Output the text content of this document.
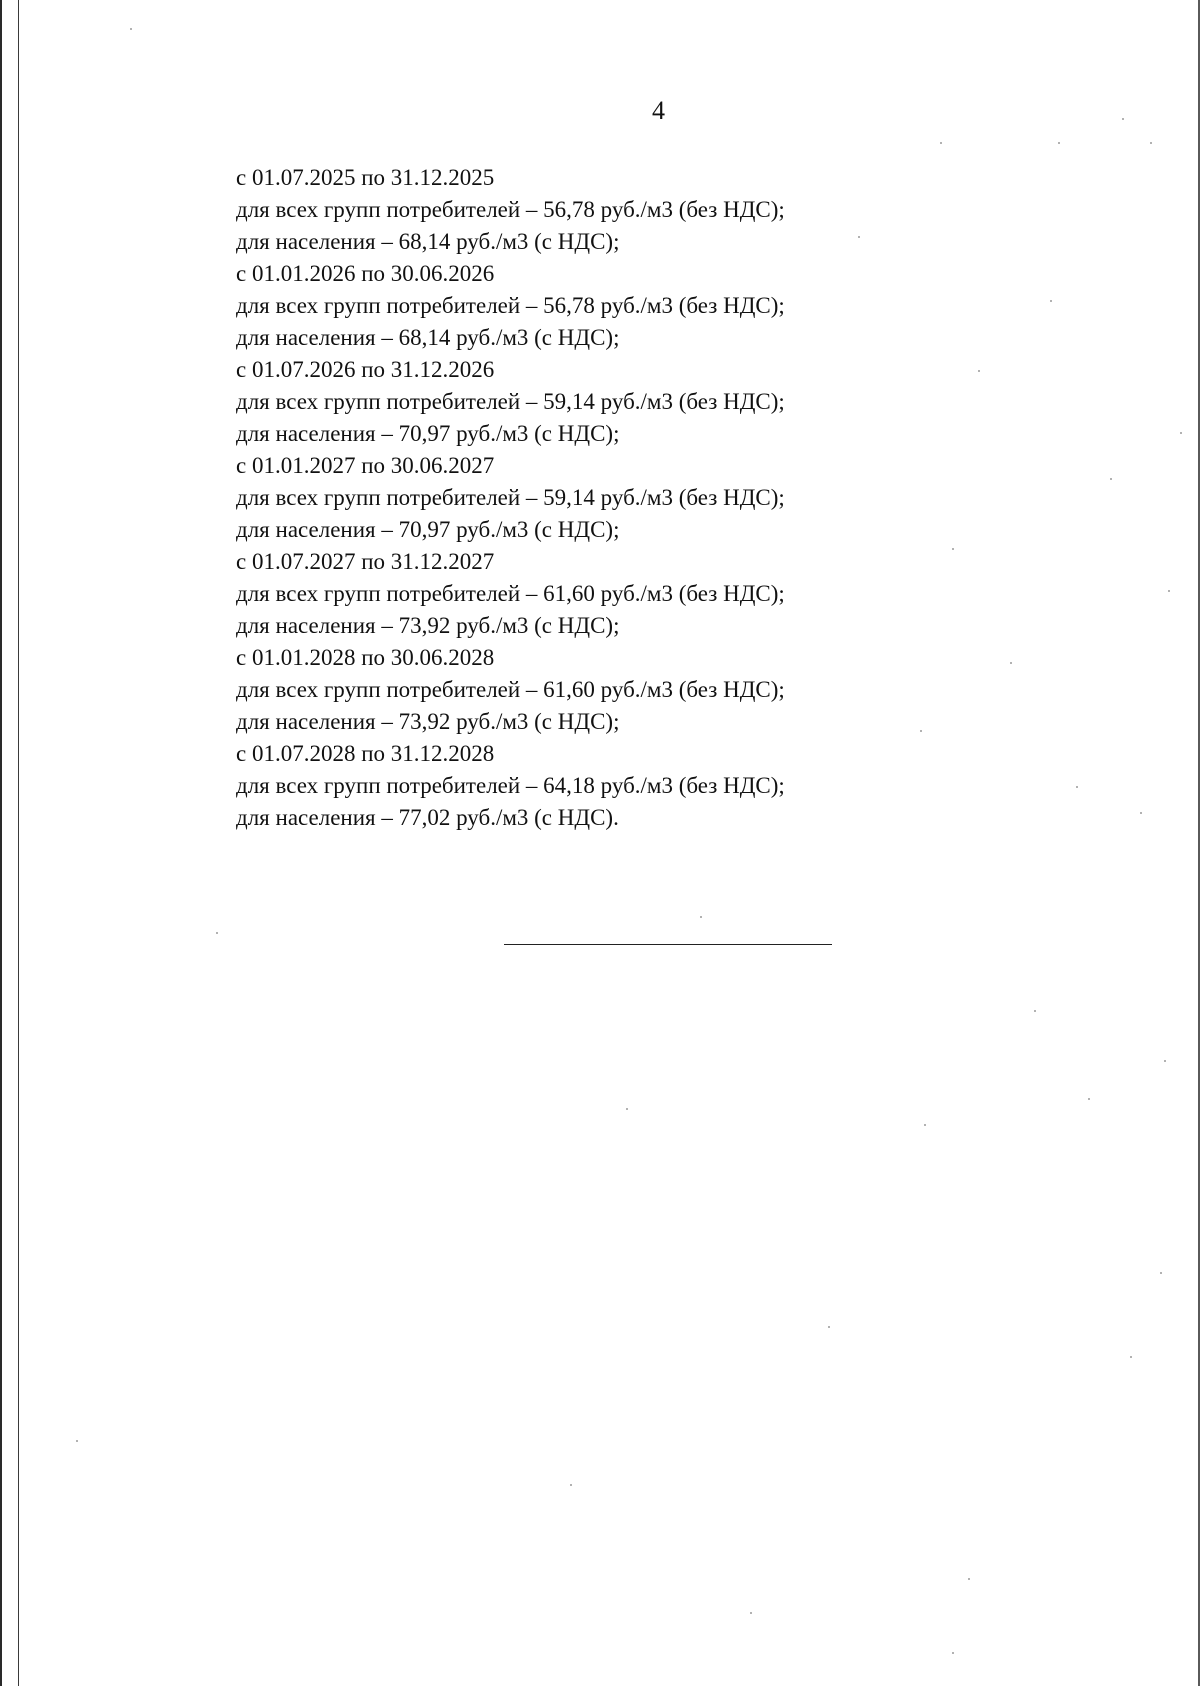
4
с 01.07.2025 по 31.12.2025
для всех групп потребителей – 56,78 руб./м3 (без НДС);
для населения – 68,14 руб./м3 (с НДС);
с 01.01.2026 по 30.06.2026
для всех групп потребителей – 56,78 руб./м3 (без НДС);
для населения – 68,14 руб./м3 (с НДС);
с 01.07.2026 по 31.12.2026
для всех групп потребителей – 59,14 руб./м3 (без НДС);
для населения – 70,97 руб./м3 (с НДС);
с 01.01.2027 по 30.06.2027
для всех групп потребителей – 59,14 руб./м3 (без НДС);
для населения – 70,97 руб./м3 (с НДС);
с 01.07.2027 по 31.12.2027
для всех групп потребителей – 61,60 руб./м3 (без НДС);
для населения – 73,92 руб./м3 (с НДС);
с 01.01.2028 по 30.06.2028
для всех групп потребителей – 61,60 руб./м3 (без НДС);
для населения – 73,92 руб./м3 (с НДС);
с 01.07.2028 по 31.12.2028
для всех групп потребителей – 64,18 руб./м3 (без НДС);
для населения – 77,02 руб./м3 (с НДС).
